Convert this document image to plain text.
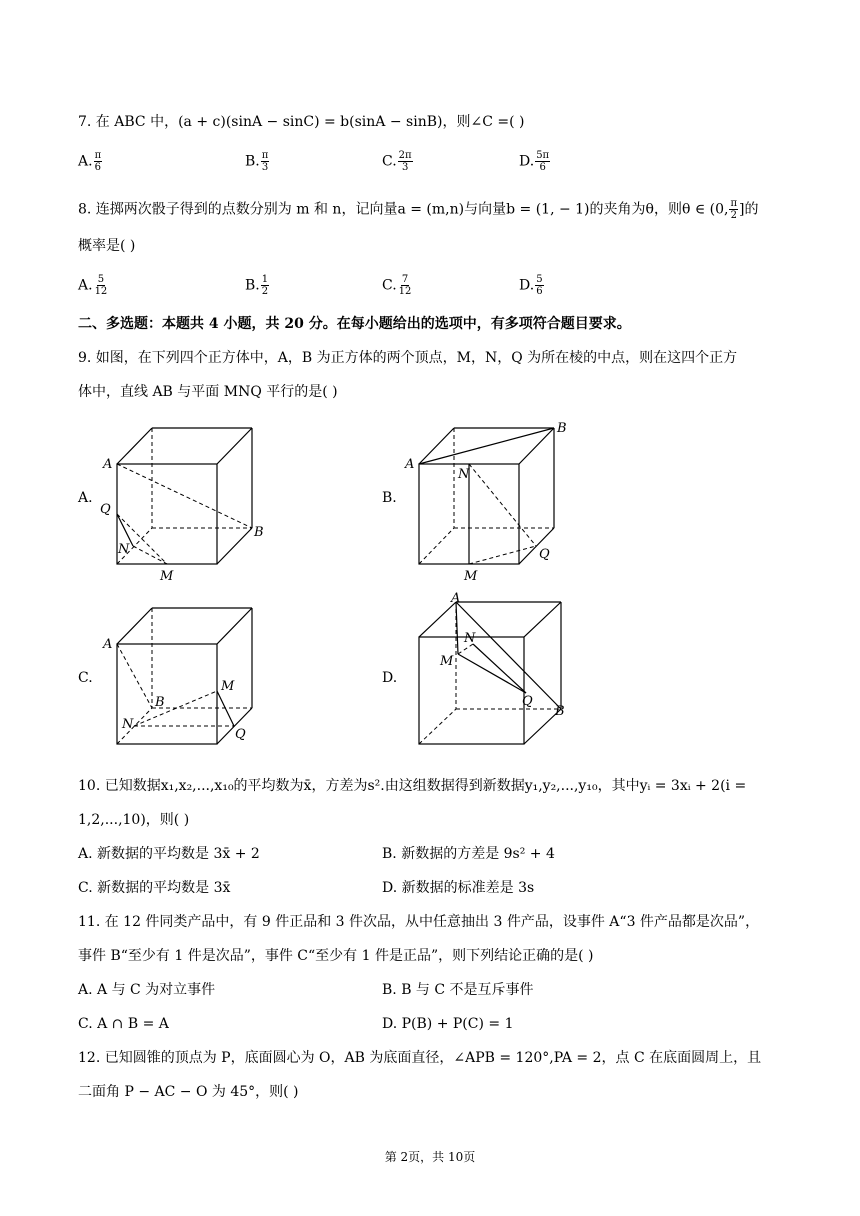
7. 在 ABC 中，(a + c)(sinA − sinC) = b(sinA − sinB)，则∠C =( )
A. $\frac{\pi}{6}$	B. $\frac{\pi}{3}$	C. $\frac{2\pi}{3}$	D. $\frac{5\pi}{6}$
8. 连掷两次骰子得到的点数分别为 m 和 n，记向量a = (m,n)与向量b = (1, − 1)的夹角为θ，则θ ∈ (0, $\frac{\pi}{2}$ ]的
概率是( )
A. $\frac{5}{12}$	B. $\frac{1}{2}$	C. $\frac{7}{12}$	D. $\frac{5}{6}$
二、多选题：本题共 4 小题，共 20 分。在每小题给出的选项中，有多项符合题目要求。
9. 如图，在下列四个正方体中，A，B 为正方体的两个顶点，M，N，Q 为所在棱的中点，则在这四个正方
体中，直线 AB 与平面 MNQ 平行的是( )
A.
A
Q
N
M
B
B.
A
B
N
M
Q
C.
A
B
M
N
Q
D.
A
N
M
Q
B
10. 已知数据x₁,x₂,...,x₁₀的平均数为x̄，方差为s².由这组数据得到新数据y₁,y₂,...,y₁₀，其中yᵢ = 3xᵢ + 2(i =
1,2,...,10)，则( )
A. 新数据的平均数是 3x̄ + 2	B. 新数据的方差是 9s² + 4
C. 新数据的平均数是 3x̄	D. 新数据的标准差是 3s
11. 在 12 件同类产品中，有 9 件正品和 3 件次品，从中任意抽出 3 件产品，设事件 A“3 件产品都是次品”，
事件 B“至少有 1 件是次品”，事件 C“至少有 1 件是正品”，则下列结论正确的是( )
A. A 与 C 为对立事件	B. B 与 C 不是互斥事件
C. A ∩ B = A	D. P(B) + P(C) = 1
12. 已知圆锥的顶点为 P，底面圆心为 O，AB 为底面直径，∠APB = 120°,PA = 2，点 C 在底面圆周上，且
二面角 P − AC − O 为 45°，则( )
第 2页，共 10页
